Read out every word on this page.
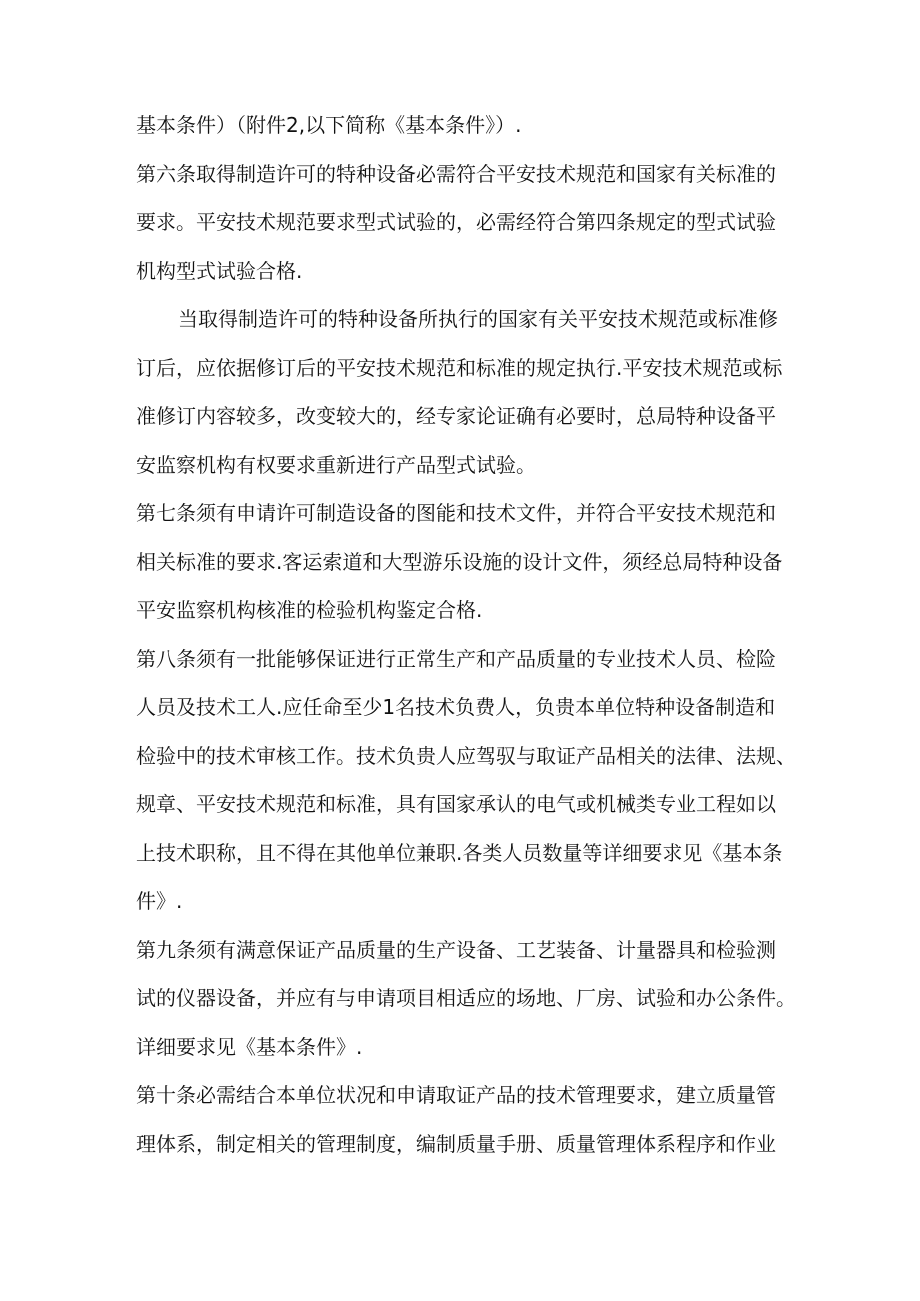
基本条件）（附件2,以下简称《基本条件》）.
第六条取得制造许可的特种设备必需符合平安技术规范和国家有关标准的
要求。平安技术规范要求型式试验的，必需经符合第四条规定的型式试验
机构型式试验合格.
当取得制造许可的特种设备所执行的国家有关平安技术规范或标准修
订后，应依据修订后的平安技术规范和标准的规定执行.平安技术规范或标
准修订内容较多，改变较大的，经专家论证确有必要时，总局特种设备平
安监察机构有权要求重新进行产品型式试验。
第七条须有申请许可制造设备的图能和技术文件，并符合平安技术规范和
相关标准的要求.客运索道和大型游乐设施的设计文件，须经总局特种设备
平安监察机构核准的检验机构鉴定合格.
第八条须有一批能够保证进行正常生产和产品质量的专业技术人员、检险
人员及技术工人.应任命至少1名技术负费人，负贵本单位特种设备制造和
检验中的技术审核工作。技术负贵人应驾驭与取证产品相关的法律、法规、
规章、平安技术规范和标准，具有国家承认的电气或机械类专业工程如以
上技术职称，且不得在其他单位兼职.各类人员数量等详细要求见《基本条
件》.
第九条须有满意保证产品质量的生产设备、工艺装备、计量器具和检验测
试的仪器设备，并应有与申请项目相适应的场地、厂房、试验和办公条件。
详细要求见《基本条件》.
第十条必需结合本单位状况和申请取证产品的技术管理要求，建立质量管
理体系，制定相关的管理制度，编制质量手册、质量管理体系程序和作业
